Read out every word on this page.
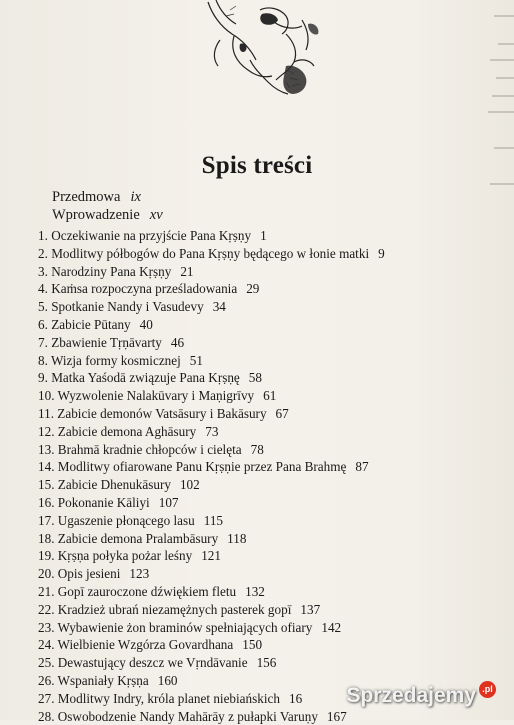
Spis treści
Przedmowa ix
Wprowadzenie xv
1. Oczekiwanie na przyjście Pana Kṛṣṇy 1
2. Modlitwy półbogów do Pana Kṛṣṇy będącego w łonie matki 9
3. Narodziny Pana Kṛṣṇy 21
4. Kaṁsa rozpoczyna prześladowania 29
5. Spotkanie Nandy i Vasudevy 34
6. Zabicie Pūtany 40
7. Zbawienie Tṛṇāvarty 46
8. Wizja formy kosmicznej 51
9. Matka Yaśodā związuje Pana Kṛṣṇę 58
10. Wyzwolenie Nalakūvary i Maṇigrīvy 61
11. Zabicie demonów Vatsāsury i Bakāsury 67
12. Zabicie demona Aghāsury 73
13. Brahmā kradnie chłopców i cielęta 78
14. Modlitwy ofiarowane Panu Kṛṣṇie przez Pana Brahmę 87
15. Zabicie Dhenukāsury 102
16. Pokonanie Kāliyi 107
17. Ugaszenie płonącego lasu 115
18. Zabicie demona Pralambāsury 118
19. Kṛṣṇa połyka pożar leśny 121
20. Opis jesieni 123
21. Gopī zauroczone dźwiękiem fletu 132
22. Kradzież ubrań niezamężnych pasterek gopī 137
23. Wybawienie żon braminów spełniających ofiary 142
24. Wielbienie Wzgórza Govardhana 150
25. Dewastujący deszcz we Vṛndāvanie 156
26. Wspaniały Kṛṣṇa 160
27. Modlitwy Indry, króla planet niebiańskich 16
28. Oswobodzenie Nandy Mahārāy z pułapki Varuṇy 167
Sprzedajemy .pl
